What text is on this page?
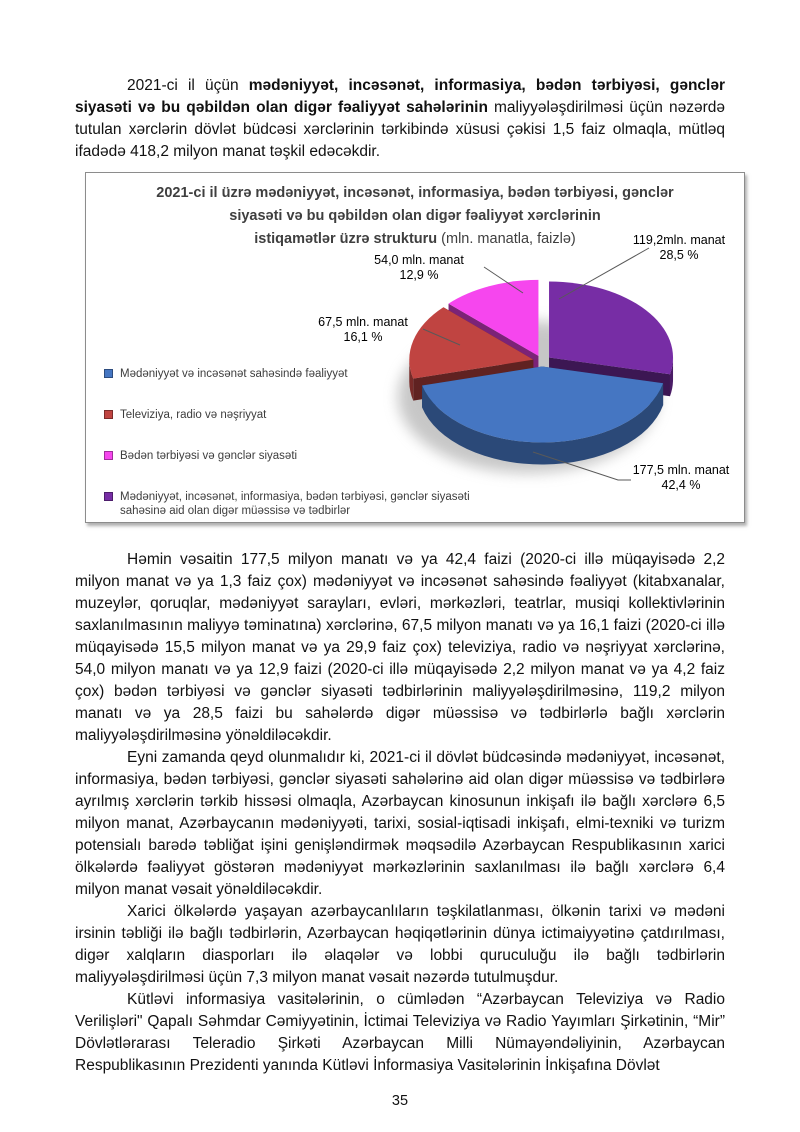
2021-ci il üçün mədəniyyət, incəsənət, informasiya, bədən tərbiyəsi, gənclər siyasəti və bu qəbildən olan digər fəaliyyət sahələrinin maliyyələşdirilməsi üçün nəzərdə tutulan xərclərin dövlət büdcəsi xərclərinin tərkibində xüsusi çəkisi 1,5 faiz olmaqla, mütləq ifadədə 418,2 milyon manat təşkil edəcəkdir.

2021-ci il üzrə mədəniyyət, incəsənət, informasiya, bədən tərbiyəsi, gənclər
siyasəti və bu qəbildən olan digər fəaliyyət xərclərinin
istiqamətlər üzrə strukturu (mln. manatla, faizlə)	119,2mln. manat
28,5 %
54,0 mln. manat
12,9 %
67,5 mln. manat
16,1 %
177,5 mln. manat
42,4 %
Mədəniyyət və incəsənət sahəsində fəaliyyət
Televiziya, radio və nəşriyyat
Bədən tərbiyəsi və gənclər siyasəti
Mədəniyyət, incəsənət, informasiya, bədən tərbiyəsi, gənclər siyasəti sahəsinə aid olan digər müəssisə və tədbirlər

Həmin vəsaitin 177,5 milyon manatı və ya 42,4 faizi (2020-ci illə müqayisədə 2,2 milyon manat və ya 1,3 faiz çox) mədəniyyət və incəsənət sahəsində fəaliyyət (kitabxanalar, muzeylər, qoruqlar, mədəniyyət sarayları, evləri, mərkəzləri, teatrlar, musiqi kollektivlərinin saxlanılmasının maliyyə təminatına) xərclərinə, 67,5 milyon manatı və ya 16,1 faizi (2020-ci illə müqayisədə 15,5 milyon manat və ya 29,9 faiz çox) televiziya, radio və nəşriyyat xərclərinə, 54,0 milyon manatı və ya 12,9 faizi (2020-ci illə müqayisədə 2,2 milyon manat və ya 4,2 faiz çox) bədən tərbiyəsi və gənclər siyasəti tədbirlərinin maliyyələşdirilməsinə, 119,2 milyon manatı və ya 28,5 faizi bu sahələrdə digər müəssisə və tədbirlərlə bağlı xərclərin maliyyələşdirilməsinə yönəldiləcəkdir.

Eyni zamanda qeyd olunmalıdır ki, 2021-ci il dövlət büdcəsində mədəniyyət, incəsənət, informasiya, bədən tərbiyəsi, gənclər siyasəti sahələrinə aid olan digər müəssisə və tədbirlərə ayrılmış xərclərin tərkib hissəsi olmaqla, Azərbaycan kinosunun inkişafı ilə bağlı xərclərə 6,5 milyon manat, Azərbaycanın mədəniyyəti, tarixi, sosial-iqtisadi inkişafı, elmi-texniki və turizm potensialı barədə təbliğat işini genişləndirmək məqsədilə Azərbaycan Respublikasının xarici ölkələrdə fəaliyyət göstərən mədəniyyət mərkəzlərinin saxlanılması ilə bağlı xərclərə 6,4 milyon manat vəsait yönəldiləcəkdir.

Xarici ölkələrdə yaşayan azərbaycanlıların təşkilatlanması, ölkənin tarixi və mədəni irsinin təbliği ilə bağlı tədbirlərin, Azərbaycan həqiqətlərinin dünya ictimaiyyətinə çatdırılması, digər xalqların diasporları ilə əlaqələr və lobbi quruculuğu ilə bağlı tədbirlərin maliyyələşdirilməsi üçün 7,3 milyon manat vəsait nəzərdə tutulmuşdur.

Kütləvi informasiya vasitələrinin, o cümlədən “Azərbaycan Televiziya və Radio Verilişləri" Qapalı Səhmdar Cəmiyyətinin, İctimai Televiziya və Radio Yayımları Şirkətinin, “Mir” Dövlətlərarası Teleradio Şirkəti Azərbaycan Milli Nümayəndəliyinin, Azərbaycan Respublikasının Prezidenti yanında Kütləvi İnformasiya Vasitələrinin İnkişafına Dövlət

35
